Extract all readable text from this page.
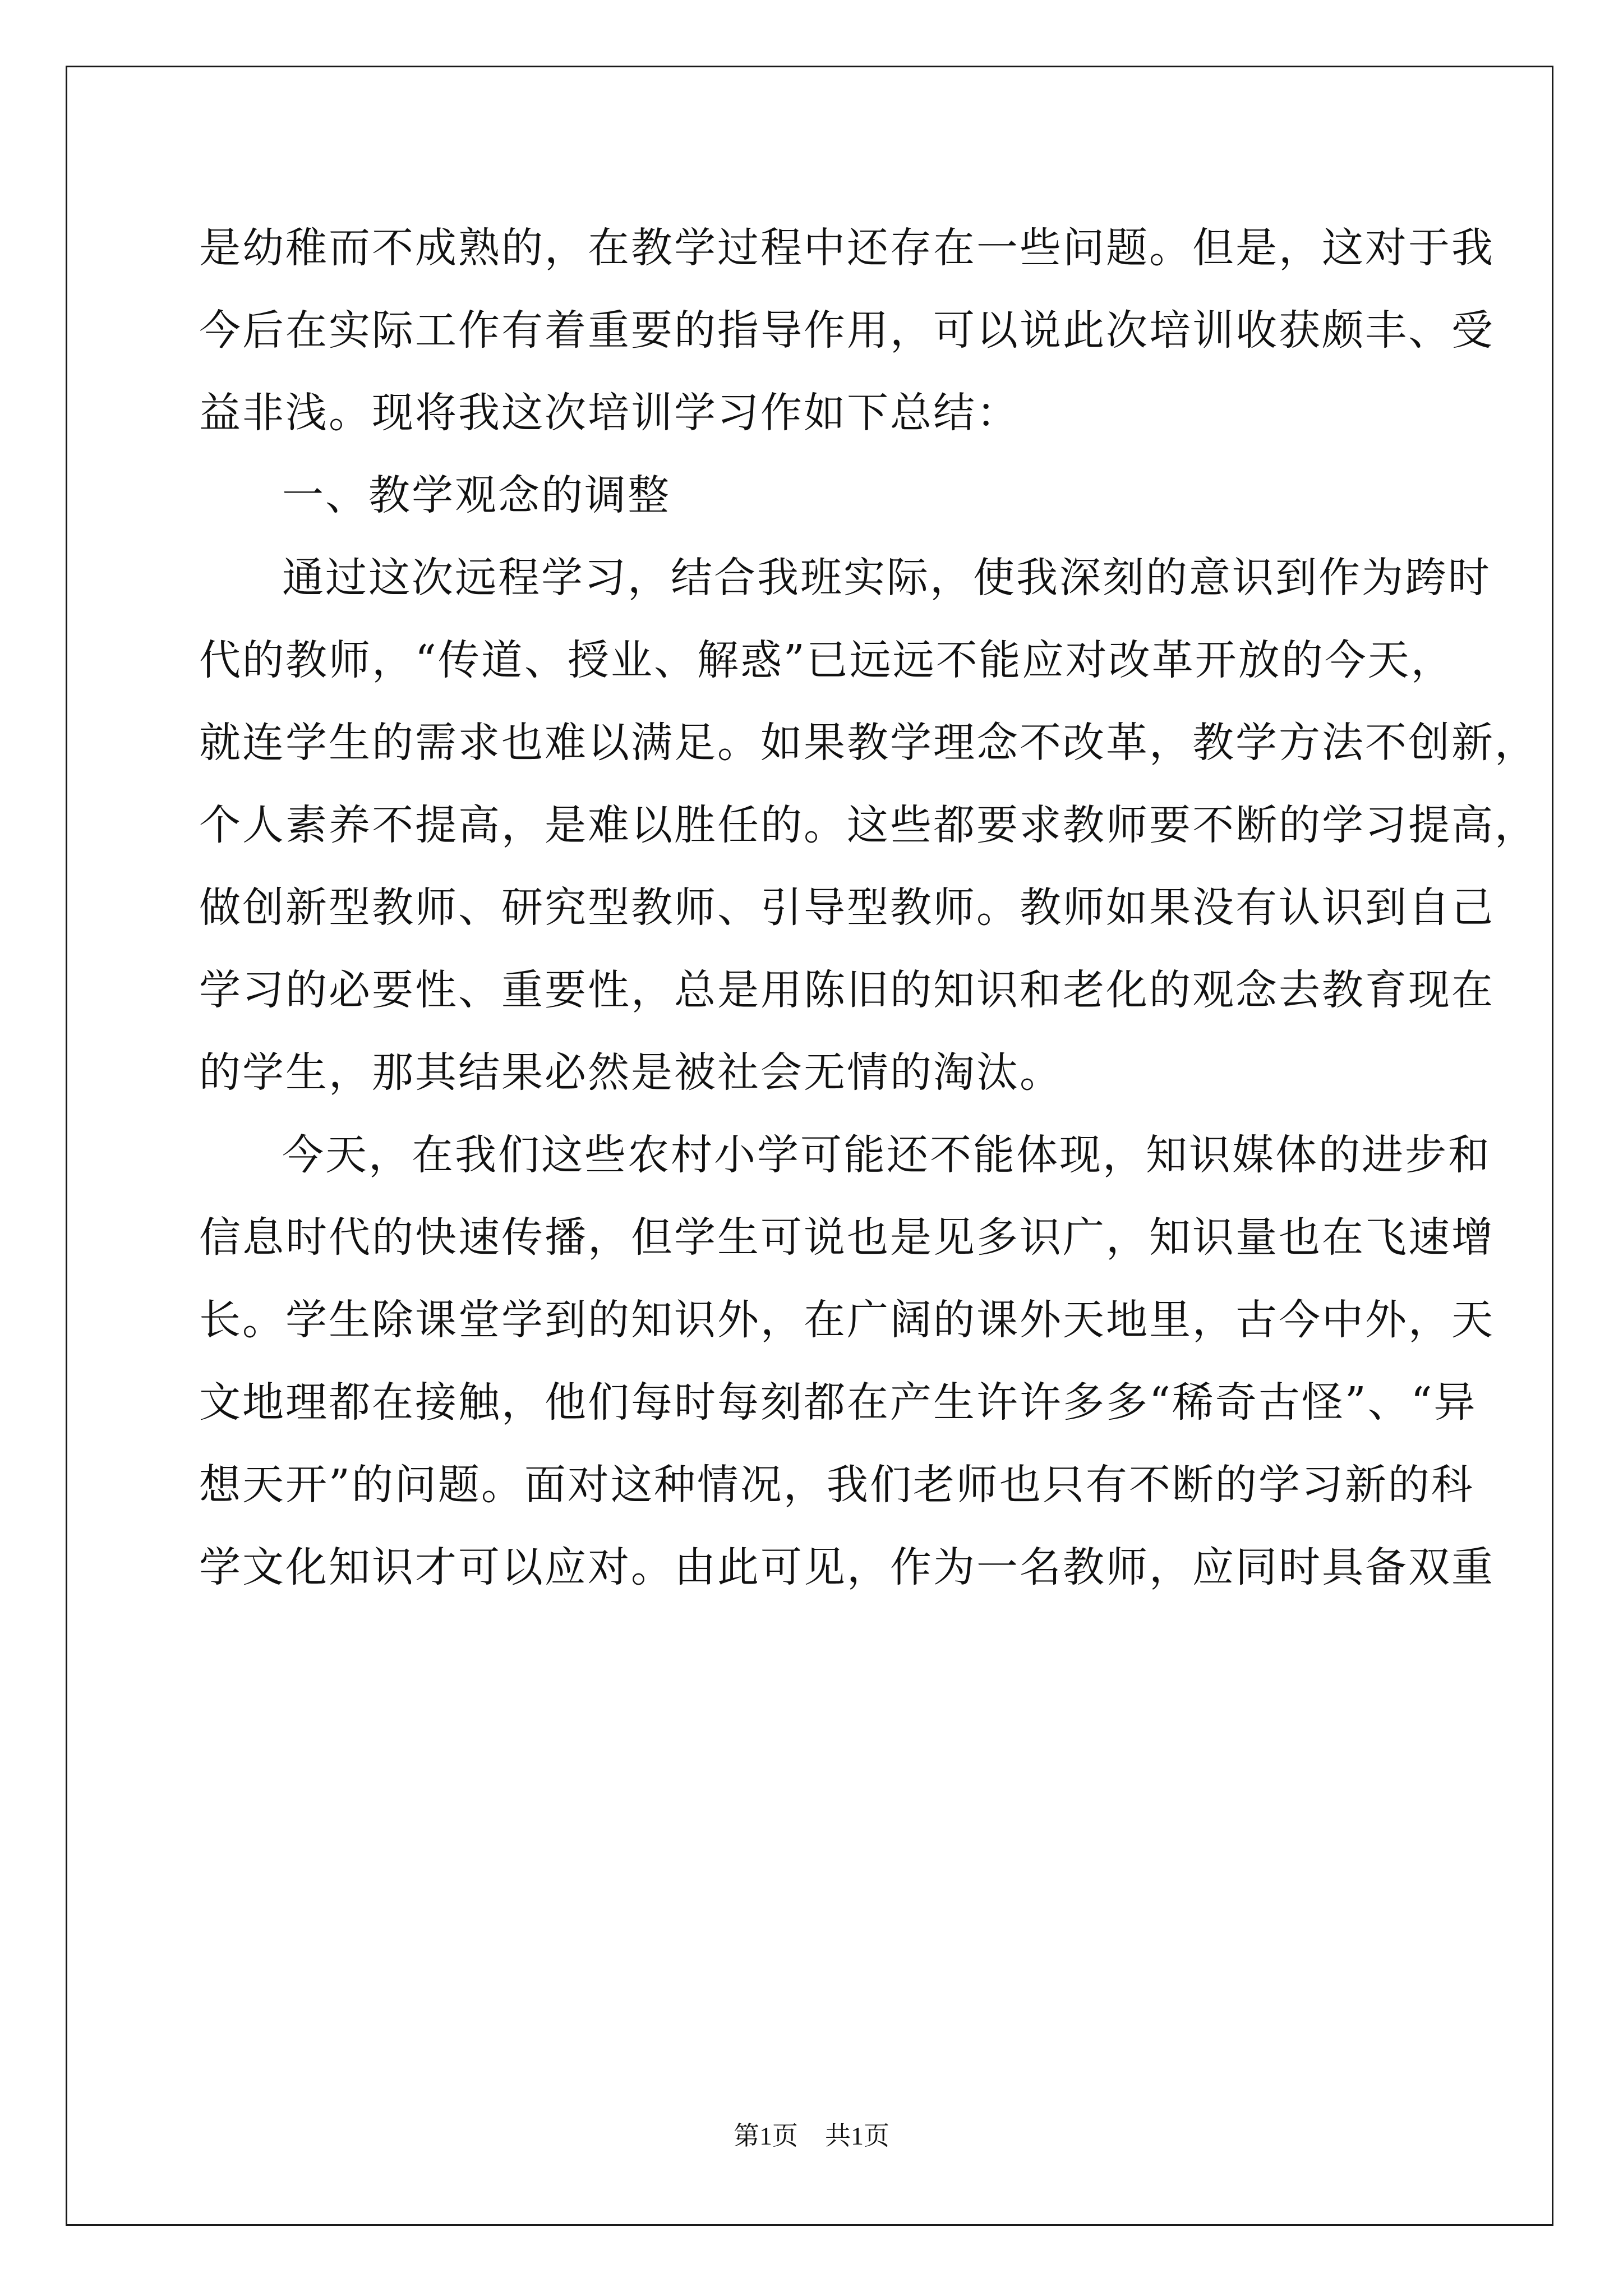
是幼稚而不成熟的，在教学过程中还存在一些问题。但是，这对于我
今后在实际工作有着重要的指导作用，可以说此次培训收获颇丰、受
益非浅。现将我这次培训学习作如下总结：
一、教学观念的调整
通过这次远程学习，结合我班实际，使我深刻的意识到作为跨时
代的教师，“传道、授业、解惑”已远远不能应对改革开放的今天，
就连学生的需求也难以满足。如果教学理念不改革，教学方法不创新，
个人素养不提高，是难以胜任的。这些都要求教师要不断的学习提高，
做创新型教师、研究型教师、引导型教师。教师如果没有认识到自己
学习的必要性、重要性，总是用陈旧的知识和老化的观念去教育现在
的学生，那其结果必然是被社会无情的淘汰。
今天，在我们这些农村小学可能还不能体现，知识媒体的进步和
信息时代的快速传播，但学生可说也是见多识广，知识量也在飞速增
长。学生除课堂学到的知识外，在广阔的课外天地里，古今中外，天
文地理都在接触，他们每时每刻都在产生许许多多“稀奇古怪”、“异
想天开”的问题。面对这种情况，我们老师也只有不断的学习新的科
学文化知识才可以应对。由此可见，作为一名教师，应同时具备双重
第1页 共1页
